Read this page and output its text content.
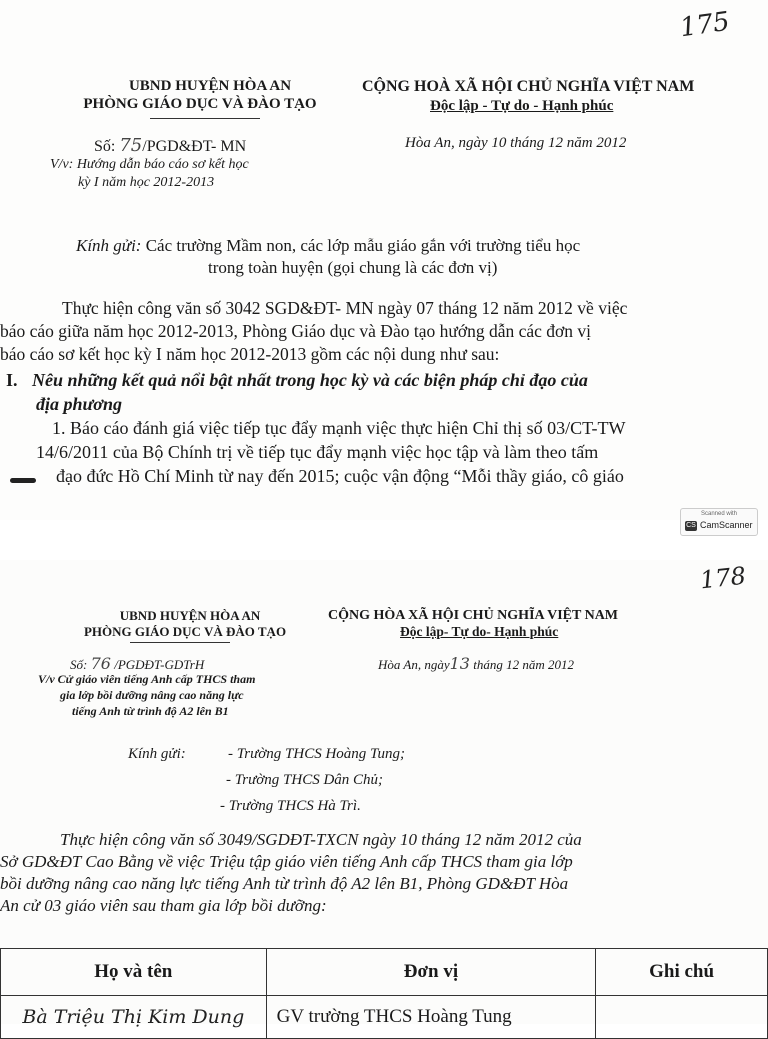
175
UBND HUYỆN HÒA AN
PHÒNG GIÁO DỤC VÀ ĐÀO TẠO
CỘNG HOÀ XÃ HỘI CHỦ NGHĨA VIỆT NAM
Độc lập - Tự do - Hạnh phúc
Số: 75/PGD&ĐT- MN
V/v: Hướng dẫn báo cáo sơ kết học
kỳ I năm học 2012-2013
Hòa An, ngày 10 tháng 12 năm 2012
Kính gửi: Các trường Mầm non, các lớp mẫu giáo gắn với trường tiểu học
trong toàn huyện (gọi chung là các đơn vị)
Thực hiện công văn số 3042 SGD&ĐT- MN ngày 07 tháng 12 năm 2012 về việc
báo cáo giữa năm học 2012-2013, Phòng Giáo dục và Đào tạo hướng dẫn các đơn vị
báo cáo sơ kết học kỳ I năm học 2012-2013 gồm các nội dung như sau:
I. Nêu những kết quả nổi bật nhất trong học kỳ và các biện pháp chỉ đạo của
địa phương
1. Báo cáo đánh giá việc tiếp tục đẩy mạnh việc thực hiện Chỉ thị số 03/CT-TW
14/6/2011 của Bộ Chính trị về tiếp tục đẩy mạnh việc học tập và làm theo tấm
đạo đức Hồ Chí Minh từ nay đến 2015; cuộc vận động “Mỗi thầy giáo, cô giáo
Scanned with
CS CamScanner
178
UBND HUYỆN HÒA AN
PHÒNG GIÁO DỤC VÀ ĐÀO TẠO
CỘNG HÒA XÃ HỘI CHỦ NGHĨA VIỆT NAM
Độc lập- Tự do- Hạnh phúc
Số: 76 /PGDĐT-GDTrH
V/v Cử giáo viên tiếng Anh cấp THCS tham
gia lớp bồi dưỡng nâng cao năng lực
tiếng Anh từ trình độ A2 lên B1
Hòa An, ngày13 tháng 12 năm 2012
Kính gửi:	- Trường THCS Hoàng Tung;
- Trường THCS Dân Chủ;
- Trường THCS Hà Trì.
Thực hiện công văn số 3049/SGDĐT-TXCN ngày 10 tháng 12 năm 2012 của
Sở GD&ĐT Cao Bằng về việc Triệu tập giáo viên tiếng Anh cấp THCS tham gia lớp
bồi dưỡng nâng cao năng lực tiếng Anh từ trình độ A2 lên B1, Phòng GD&ĐT Hòa
An cử 03 giáo viên sau tham gia lớp bồi dưỡng:
Họ và tên	Đơn vị	Ghi chú
Bà Triệu Thị Kim Dung	GV trường THCS Hoàng Tung	
